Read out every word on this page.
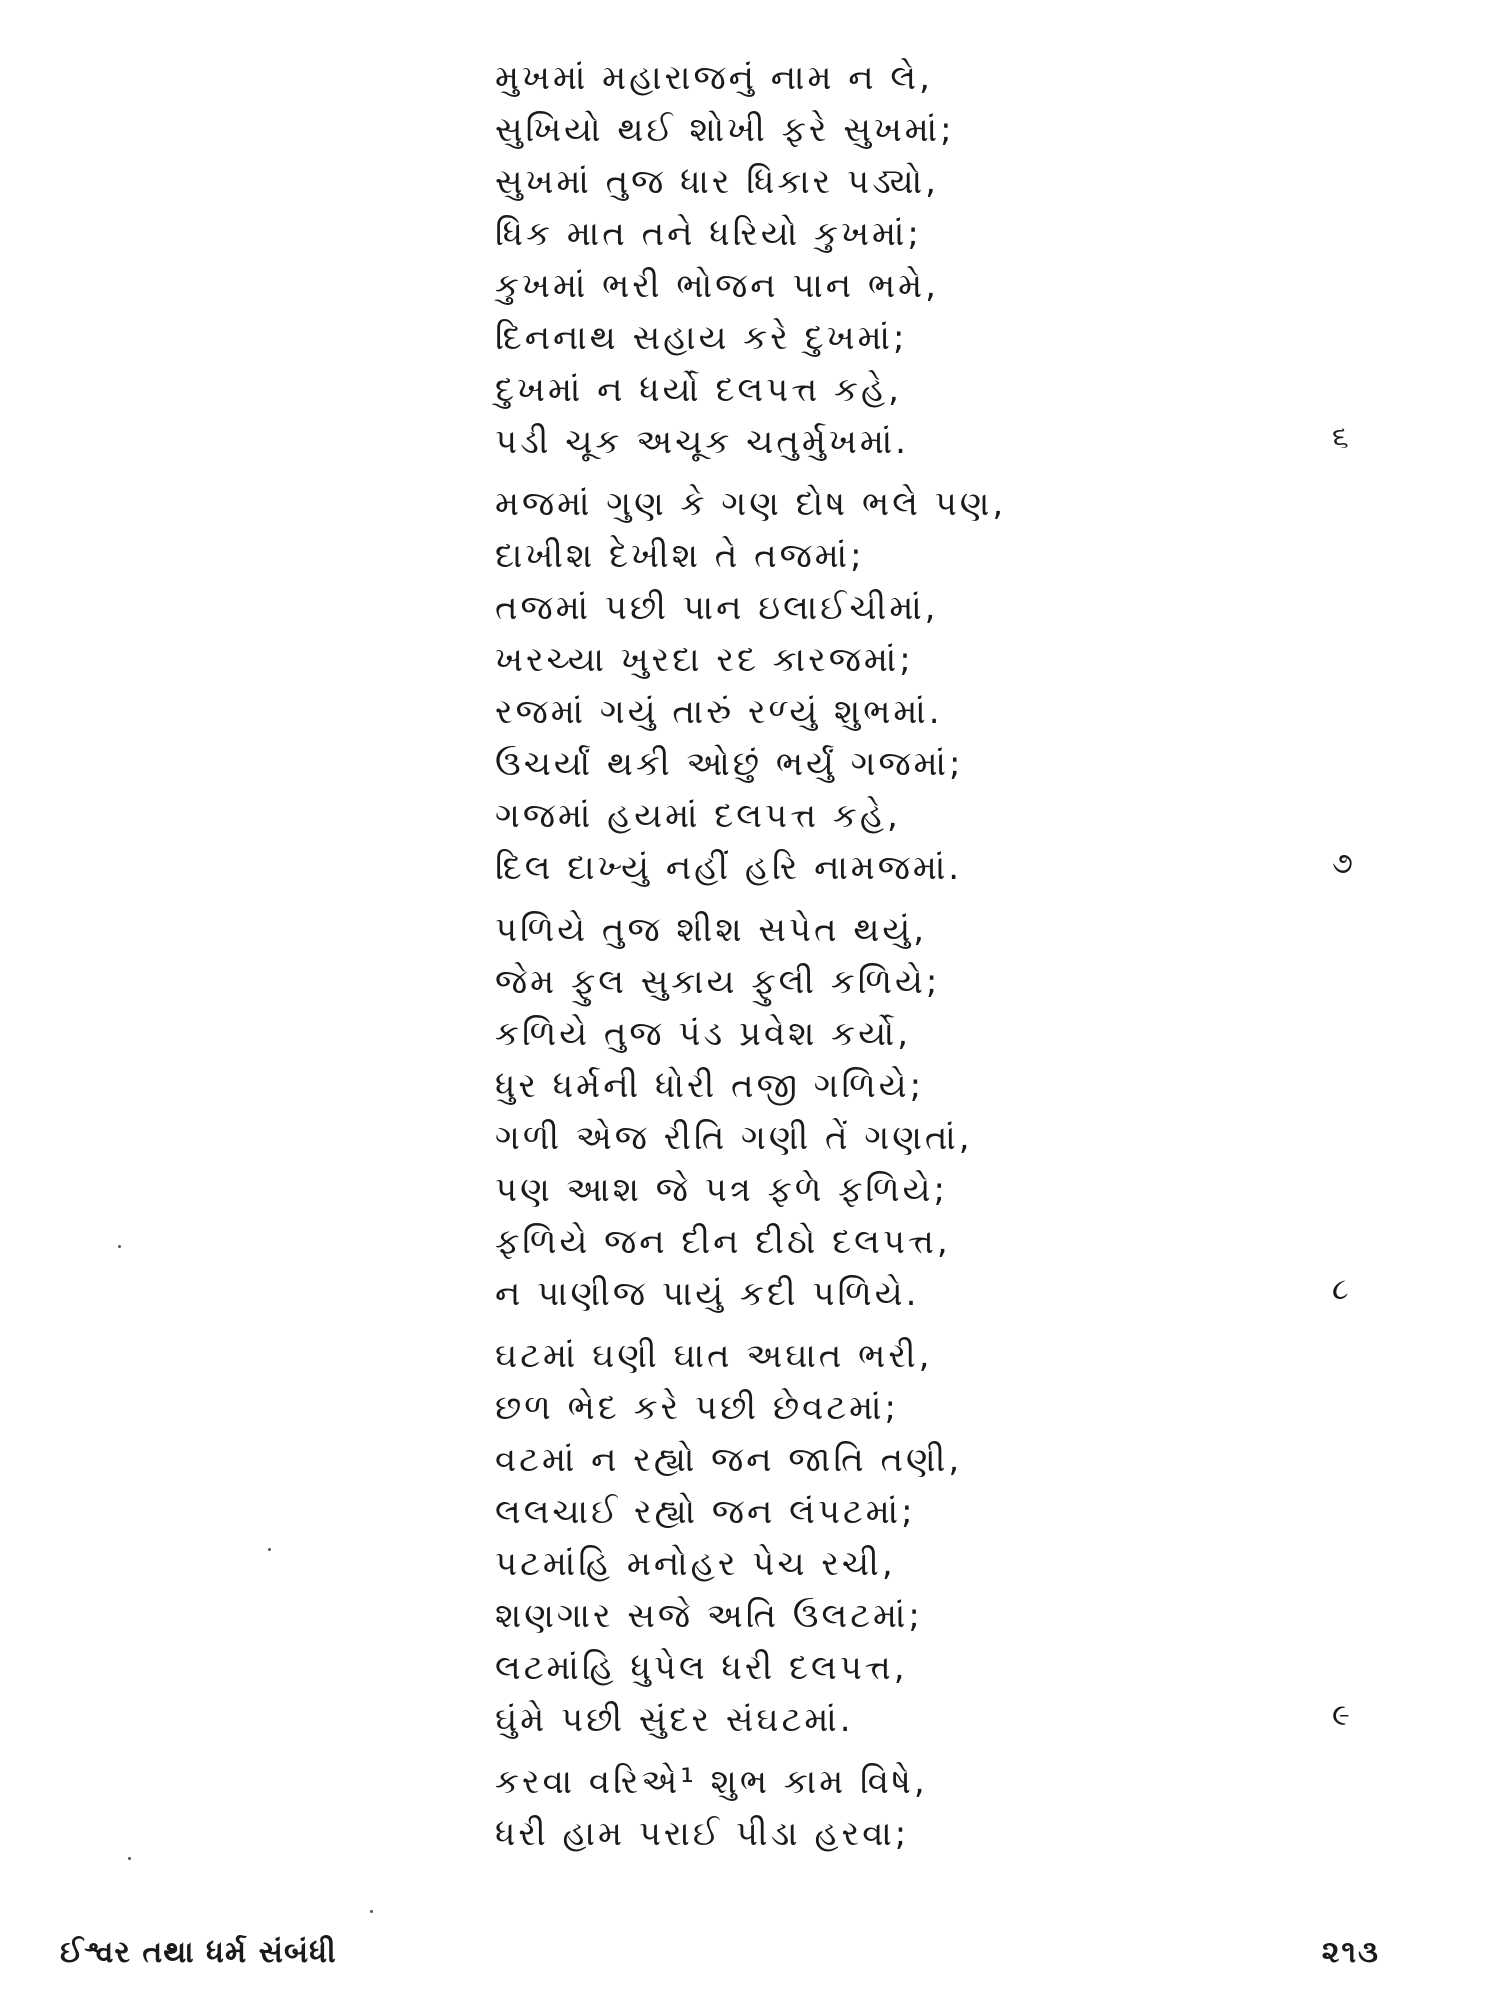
મુખમાં મહારાજનું નામ ન લે,
સુખિયો થઈ શોખી ફરે સુખમાં;
સુખમાં તુજ ધાર ધિકાર પડ્યો,
ધિક માત તને ધરિયો કુખમાં;
કુખમાં ભરી ભોજન પાન ભમે,
દિનનાથ સહાય કરે દુખમાં;
દુખમાં ન ધર્યો દલપત્ત કહે,
પડી ચૂક અચૂક ચતુર્મુખમાં.	૬
મજમાં ગુણ કે ગણ દોષ ભલે પણ,
દાખીશ દેખીશ તે તજમાં;
તજમાં પછી પાન ઇલાઈચીમાં,
ખરચ્યા ખુરદા રદ કારજમાં;
રજમાં ગયું તારું રળ્યું શુભમાં.
ઉચર્યાં થકી ઓછું ભર્યું ગજમાં;
ગજમાં હયમાં દલપત્ત કહે,
દિલ દાખ્યું નહીં હરિ નામજમાં.	૭
પળિયે તુજ શીશ સપેત થયું,
જેમ ફુલ સુકાય ફુલી કળિયે;
કળિયે તુજ પંડ પ્રવેશ કર્યો,
ધુર ધર્મની ધોરી તજી ગળિયે;
ગળી એજ રીતિ ગણી તેં ગણતાં,
પણ આશ જે પત્ર ફળે ફળિયે;
ફળિયે જન દીન દીઠો દલપત્ત,
ન પાણીજ પાયું કદી પળિયે.	૮
ઘટમાં ઘણી ઘાત અઘાત ભરી,
છળ ભેદ કરે પછી છેવટમાં;
વટમાં ન રહ્યો જન જાતિ તણી,
લલચાઈ રહ્યો જન લંપટમાં;
પટમાંહિ મનોહર પેચ રચી,
શણગાર સજે અતિ ઉલટમાં;
લટમાંહિ ધુપેલ ધરી દલપત્ત,
ઘુંમે પછી સુંદર સંઘટમાં.	૯
કરવા વરિએ¹ શુભ કામ વિષે,
ધરી હામ પરાઈ પીડા હરવા;
ઈશ્વર તથા ધર્મ સંબંધી	૨૧૩
